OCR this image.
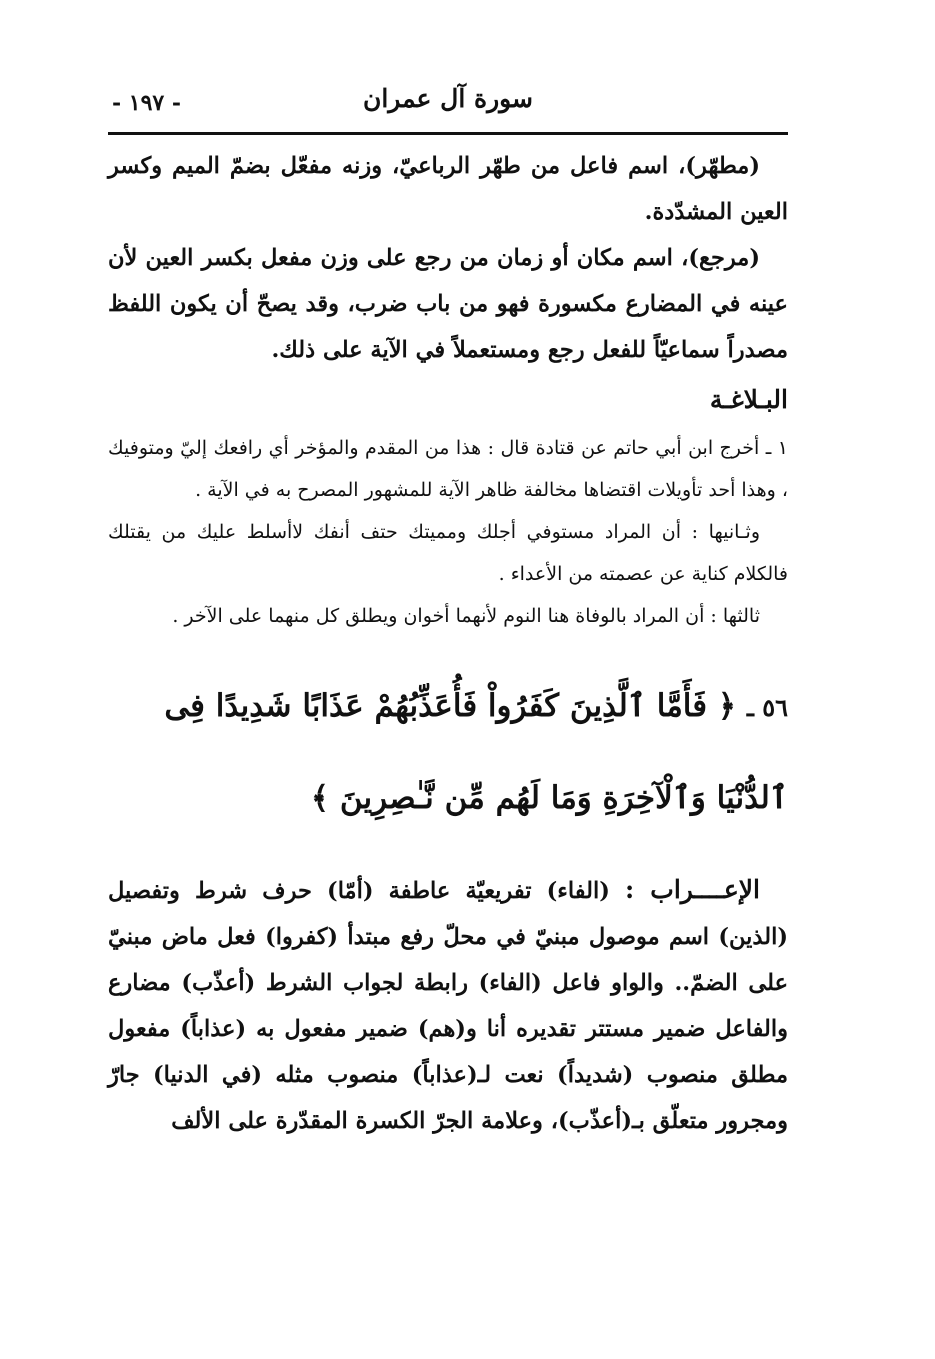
سورة آل عمران
- ١٩٧ -

(مطهّر)، اسم فاعل من طهّر الرباعيّ، وزنه مفعّل بضمّ الميم وكسر العين المشدّدة.

(مرجع)، اسم مكان أو زمان من رجع على وزن مفعل بكسر العين لأن عينه في المضارع مكسورة فهو من باب ضرب، وقد يصحّ أن يكون اللفظ مصدراً سماعيّاً للفعل رجع ومستعملاً في الآية على ذلك.

البـلاغـة

١ ـ أخرج ابن أبي حاتم عن قتادة قال : هذا من المقدم والمؤخر أي رافعك إليّ ومتوفيك ، وهذا أحد تأويلات اقتضاها مخالفة ظاهر الآية للمشهور المصرح به في الآية .

وثـانيها : أن المراد مستوفي أجلك ومميتك حتف أنفك لاأسلط عليك من يقتلك فالكلام كناية عن عصمته من الأعداء .

ثالثها : أن المراد بالوفاة هنا النوم لأنهما أخوان ويطلق كل منهما على الآخر .

٥٦ ـ ﴿ فَأَمَّا ٱلَّذِينَ كَفَرُواْ فَأُعَذِّبُهُمْ عَذَابًا شَدِيدًا فِى ٱلدُّنْيَا وَٱلْآخِرَةِ وَمَا لَهُم مِّن نَّـٰصِرِينَ ﴾

الإعــــراب : (الفاء) تفريعيّة عاطفة (أمّا) حرف شرط وتفصيل (الذين) اسم موصول مبنيّ في محلّ رفع مبتدأ (كفروا) فعل ماض مبنيّ على الضمّ.. والواو فاعل (الفاء) رابطة لجواب الشرط (أعذّب) مضارع والفاعل ضمير مستتر تقديره أنا و(هم) ضمير مفعول به (عذاباً) مفعول مطلق منصوب (شديداً) نعت لـ(عذاباً) منصوب مثله (في الدنيا) جارّ ومجرور متعلّق بـ(أعذّب)، وعلامة الجرّ الكسرة المقدّرة على الألف
